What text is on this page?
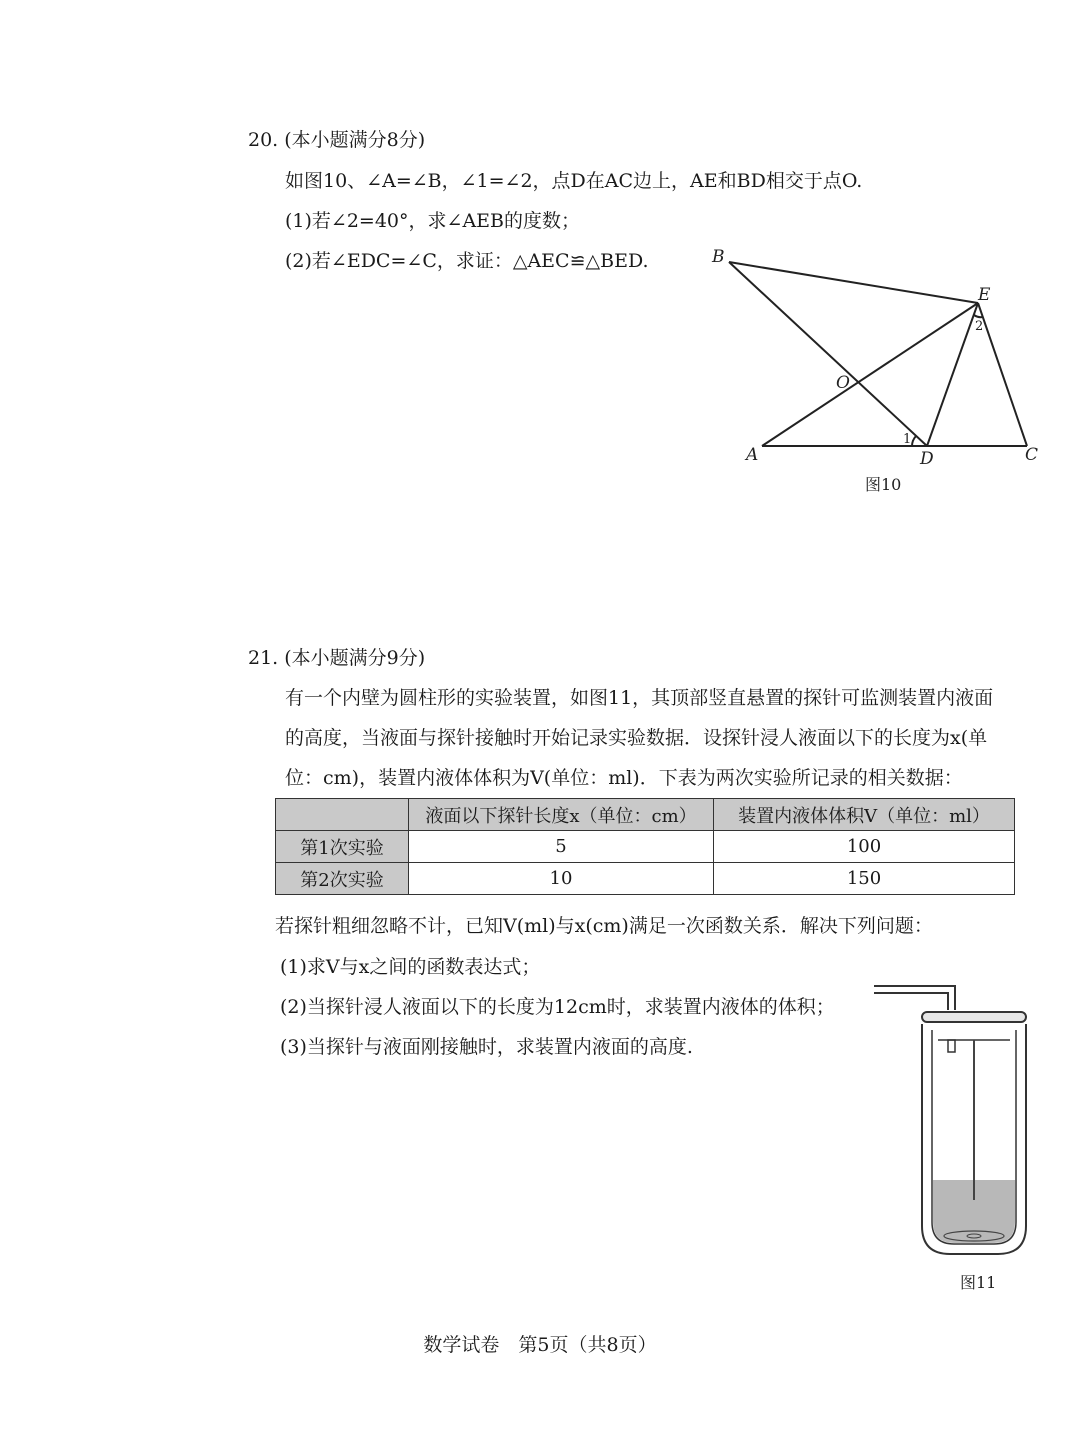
20. (本小题满分8分)
如图10、∠A=∠B，∠1=∠2，点D在AC边上，AE和BD相交于点O.
(1)若∠2=40°，求∠AEB的度数；
(2)若∠EDC=∠C，求证：△AEC≌△BED.	B
E
O
A	D	C
1
2
图10
21. (本小题满分9分)
有一个内壁为圆柱形的实验装置，如图11，其顶部竖直悬置的探针可监测装置内液面
的高度，当液面与探针接触时开始记录实验数据．设探针浸人液面以下的长度为x(单
位：cm)，装置内液体体积为V(单位：ml)．下表为两次实验所记录的相关数据：
	液面以下探针长度x（单位：cm）	装置内液体体积V（单位：ml）
第1次实验	5	100
第2次实验	10	150
若探针粗细忽略不计，已知V(ml)与x(cm)满足一次函数关系．解决下列问题：
(1)求V与x之间的函数表达式；
(2)当探针浸人液面以下的长度为12cm时，求装置内液体的体积；
(3)当探针与液面刚接触时，求装置内液面的高度.
图11
数学试卷　第5页（共8页）
